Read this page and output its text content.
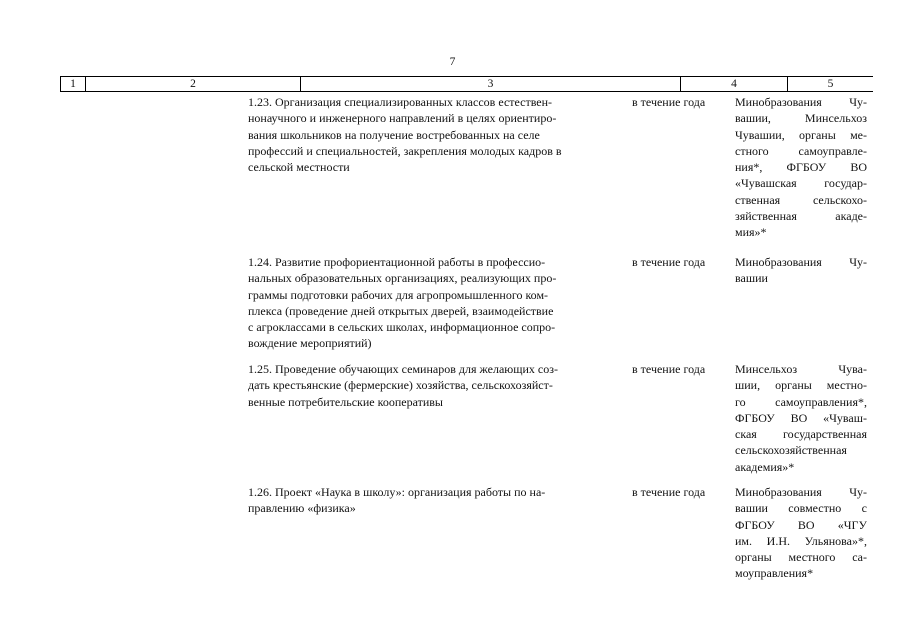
7
1	2	3	4	5
1.23. Организация специализированных классов естествен-
нонаучного и инженерного направлений в целях ориентиро-
вания школьников на получение востребованных на селе
профессий и специальностей, закрепления молодых кадров в
сельской местности
в течение года	Минобразования Чу-
вашии, Минсельхоз
Чувашии, органы ме-
стного самоуправле-
ния*, ФГБОУ ВО
«Чувашская государ-
ственная сельскохо-
зяйственная акаде-

мия»*
1.24. Развитие профориентационной работы в профессио-
нальных образовательных организациях, реализующих про-
граммы подготовки рабочих для агропромышленного ком-
плекса (проведение дней открытых дверей, взаимодействие
с агроклассами в сельских школах, информационное сопро-
вождение мероприятий)
в течение года	Минобразования Чу-

вашии
1.25. Проведение обучающих семинаров для желающих соз-
дать крестьянские (фермерские) хозяйства, сельскохозяйст-
венные потребительские кооперативы
в течение года	Минсельхоз Чува-
шии, органы местно-
го самоуправления*,
ФГБОУ ВО «Чуваш-
ская государственная
сельскохозяйственная

академия»*
1.26. Проект «Наука в школу»: организация работы по на-
правлению «физика»
в течение года	Минобразования Чу-
вашии совместно с
ФГБОУ ВО «ЧГУ
им. И.Н. Ульянова»*,
органы местного са-

моуправления*
